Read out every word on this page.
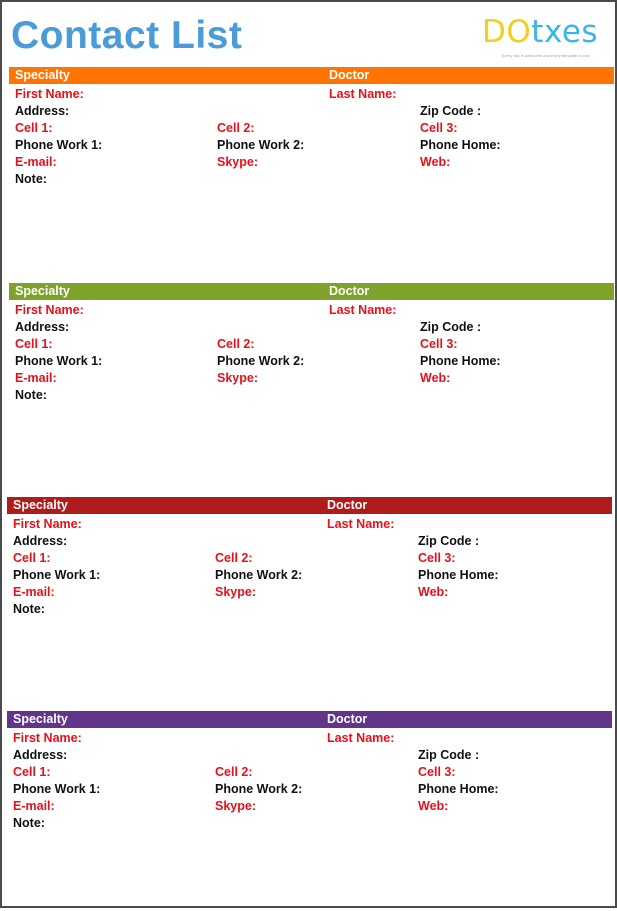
Contact List	DOtxes
Every doc is awesome and every template is cool
Specialty	Doctor
First Name:	Last Name:
Address:	Zip Code :
Cell 1:	Cell 2:	Cell 3:
Phone Work 1:	Phone Work 2:	Phone Home:
E-mail:	Skype:	Web:
Note:
Specialty	Doctor
First Name:	Last Name:
Address:	Zip Code :
Cell 1:	Cell 2:	Cell 3:
Phone Work 1:	Phone Work 2:	Phone Home:
E-mail:	Skype:	Web:
Note:
Specialty	Doctor
First Name:	Last Name:
Address:	Zip Code :
Cell 1:	Cell 2:	Cell 3:
Phone Work 1:	Phone Work 2:	Phone Home:
E-mail:	Skype:	Web:
Note:
Specialty	Doctor
First Name:	Last Name:
Address:	Zip Code :
Cell 1:	Cell 2:	Cell 3:
Phone Work 1:	Phone Work 2:	Phone Home:
E-mail:	Skype:	Web:
Note:
